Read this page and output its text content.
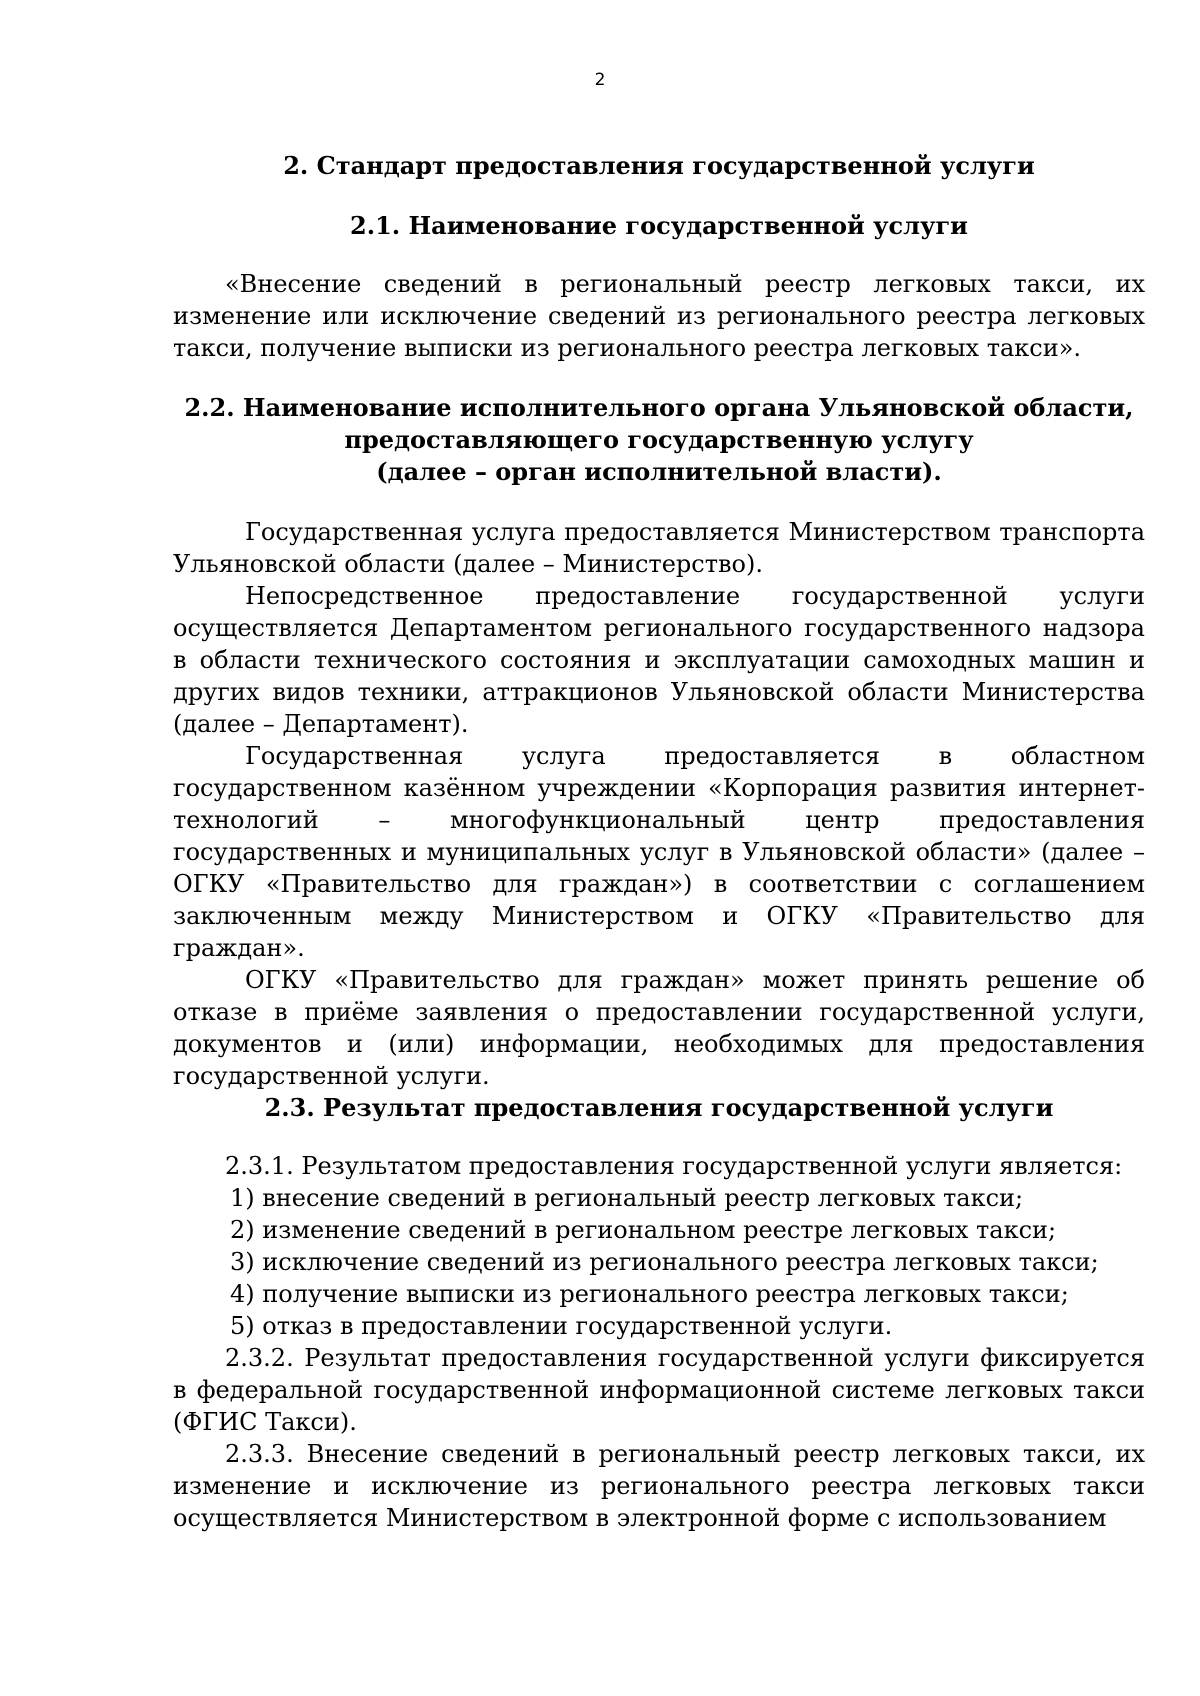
2

2. Стандарт предоставления государственной услуги

2.1. Наименование государственной услуги

«Внесение сведений в региональный реестр легковых такси, их изменение или исключение сведений из регионального реестра легковых такси, получение выписки из регионального реестра легковых такси».

2.2. Наименование исполнительного органа Ульяновской области,

предоставляющего государственную услугу

(далее – орган исполнительной власти).

Государственная услуга предоставляется Министерством транспорта Ульяновской области (далее – Министерство).

Непосредственное предоставление государственной услуги осуществляется Департаментом регионального государственного надзора в области технического состояния и эксплуатации самоходных машин и других видов техники, аттракционов Ульяновской области Министерства (далее – Департамент).

Государственная услуга предоставляется в областном государственном казённом учреждении «Корпорация развития интернет-технологий – многофункциональный центр предоставления государственных и муниципальных услуг в Ульяновской области» (далее – ОГКУ «Правительство для граждан») в соответствии с соглашением заключенным между Министерством и ОГКУ «Правительство для граждан».

ОГКУ «Правительство для граждан» может принять решение об отказе в приёме заявления о предоставлении государственной услуги, документов и (или) информации, необходимых для предоставления государственной услуги.

2.3. Результат предоставления государственной услуги

2.3.1. Результатом предоставления государственной услуги является:

1) внесение сведений в региональный реестр легковых такси;

2) изменение сведений в региональном реестре легковых такси;

3) исключение сведений из регионального реестра легковых такси;

4) получение выписки из регионального реестра легковых такси;

5) отказ в предоставлении государственной услуги.

2.3.2. Результат предоставления государственной услуги фиксируется в федеральной государственной информационной системе легковых такси (ФГИС Такси).

2.3.3. Внесение сведений в региональный реестр легковых такси, их изменение и исключение из регионального реестра легковых такси осуществляется Министерством в электронной форме с использованием
